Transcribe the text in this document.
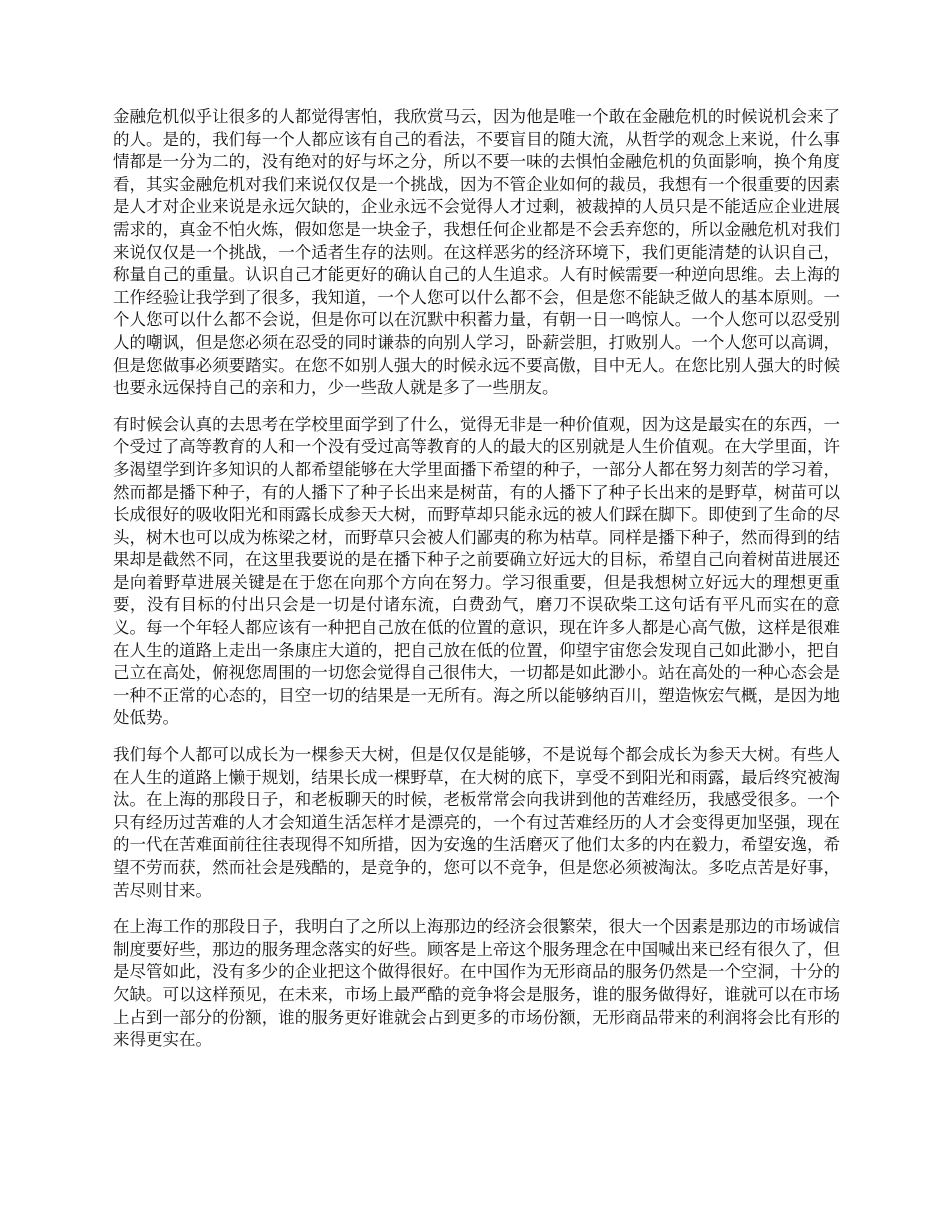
金融危机似乎让很多的人都觉得害怕，我欣赏马云，因为他是唯一个敢在金融危机的时候说机会来了的人。是的，我们每一个人都应该有自己的看法，不要盲目的随大流，从哲学的观念上来说，什么事情都是一分为二的，没有绝对的好与坏之分，所以不要一味的去惧怕金融危机的负面影响，换个角度看，其实金融危机对我们来说仅仅是一个挑战，因为不管企业如何的裁员，我想有一个很重要的因素是人才对企业来说是永远欠缺的，企业永远不会觉得人才过剩，被裁掉的人员只是不能适应企业进展需求的，真金不怕火炼，假如您是一块金子，我想任何企业都是不会丢弃您的，所以金融危机对我们来说仅仅是一个挑战，一个适者生存的法则。在这样恶劣的经济环境下，我们更能清楚的认识自己，称量自己的重量。认识自己才能更好的确认自己的人生追求。人有时候需要一种逆向思维。去上海的工作经验让我学到了很多，我知道，一个人您可以什么都不会，但是您不能缺乏做人的基本原则。一个人您可以什么都不会说，但是你可以在沉默中积蓄力量，有朝一日一鸣惊人。一个人您可以忍受别人的嘲讽，但是您必须在忍受的同时谦恭的向别人学习，卧薪尝胆，打败别人。一个人您可以高调，但是您做事必须要踏实。在您不如别人强大的时候永远不要高傲，目中无人。在您比别人强大的时候也要永远保持自己的亲和力，少一些敌人就是多了一些朋友。

有时候会认真的去思考在学校里面学到了什么，觉得无非是一种价值观，因为这是最实在的东西，一个受过了高等教育的人和一个没有受过高等教育的人的最大的区别就是人生价值观。在大学里面，许多渴望学到许多知识的人都希望能够在大学里面播下希望的种子，一部分人都在努力刻苦的学习着，然而都是播下种子，有的人播下了种子长出来是树苗，有的人播下了种子长出来的是野草，树苗可以长成很好的吸收阳光和雨露长成参天大树，而野草却只能永远的被人们踩在脚下。即使到了生命的尽头，树木也可以成为栋梁之材，而野草只会被人们鄙夷的称为枯草。同样是播下种子，然而得到的结果却是截然不同，在这里我要说的是在播下种子之前要确立好远大的目标，希望自己向着树苗进展还是向着野草进展关键是在于您在向那个方向在努力。学习很重要，但是我想树立好远大的理想更重要，没有目标的付出只会是一切是付诸东流，白费劲气，磨刀不误砍柴工这句话有平凡而实在的意义。每一个年轻人都应该有一种把自己放在低的位置的意识，现在许多人都是心高气傲，这样是很难在人生的道路上走出一条康庄大道的，把自己放在低的位置，仰望宇宙您会发现自己如此渺小，把自己立在高处，俯视您周围的一切您会觉得自己很伟大，一切都是如此渺小。站在高处的一种心态会是一种不正常的心态的，目空一切的结果是一无所有。海之所以能够纳百川，塑造恢宏气概，是因为地处低势。

我们每个人都可以成长为一棵参天大树，但是仅仅是能够，不是说每个都会成长为参天大树。有些人在人生的道路上懒于规划，结果长成一棵野草，在大树的底下，享受不到阳光和雨露，最后终究被淘汰。在上海的那段日子，和老板聊天的时候，老板常常会向我讲到他的苦难经历，我感受很多。一个只有经历过苦难的人才会知道生活怎样才是漂亮的，一个有过苦难经历的人才会变得更加坚强，现在的一代在苦难面前往往表现得不知所措，因为安逸的生活磨灭了他们太多的内在毅力，希望安逸，希望不劳而获，然而社会是残酷的，是竞争的，您可以不竞争，但是您必须被淘汰。多吃点苦是好事，苦尽则甘来。

在上海工作的那段日子，我明白了之所以上海那边的经济会很繁荣，很大一个因素是那边的市场诚信制度要好些，那边的服务理念落实的好些。顾客是上帝这个服务理念在中国喊出来已经有很久了，但是尽管如此，没有多少的企业把这个做得很好。在中国作为无形商品的服务仍然是一个空洞，十分的欠缺。可以这样预见，在未来，市场上最严酷的竞争将会是服务，谁的服务做得好，谁就可以在市场上占到一部分的份额，谁的服务更好谁就会占到更多的市场份额，无形商品带来的利润将会比有形的来得更实在。
